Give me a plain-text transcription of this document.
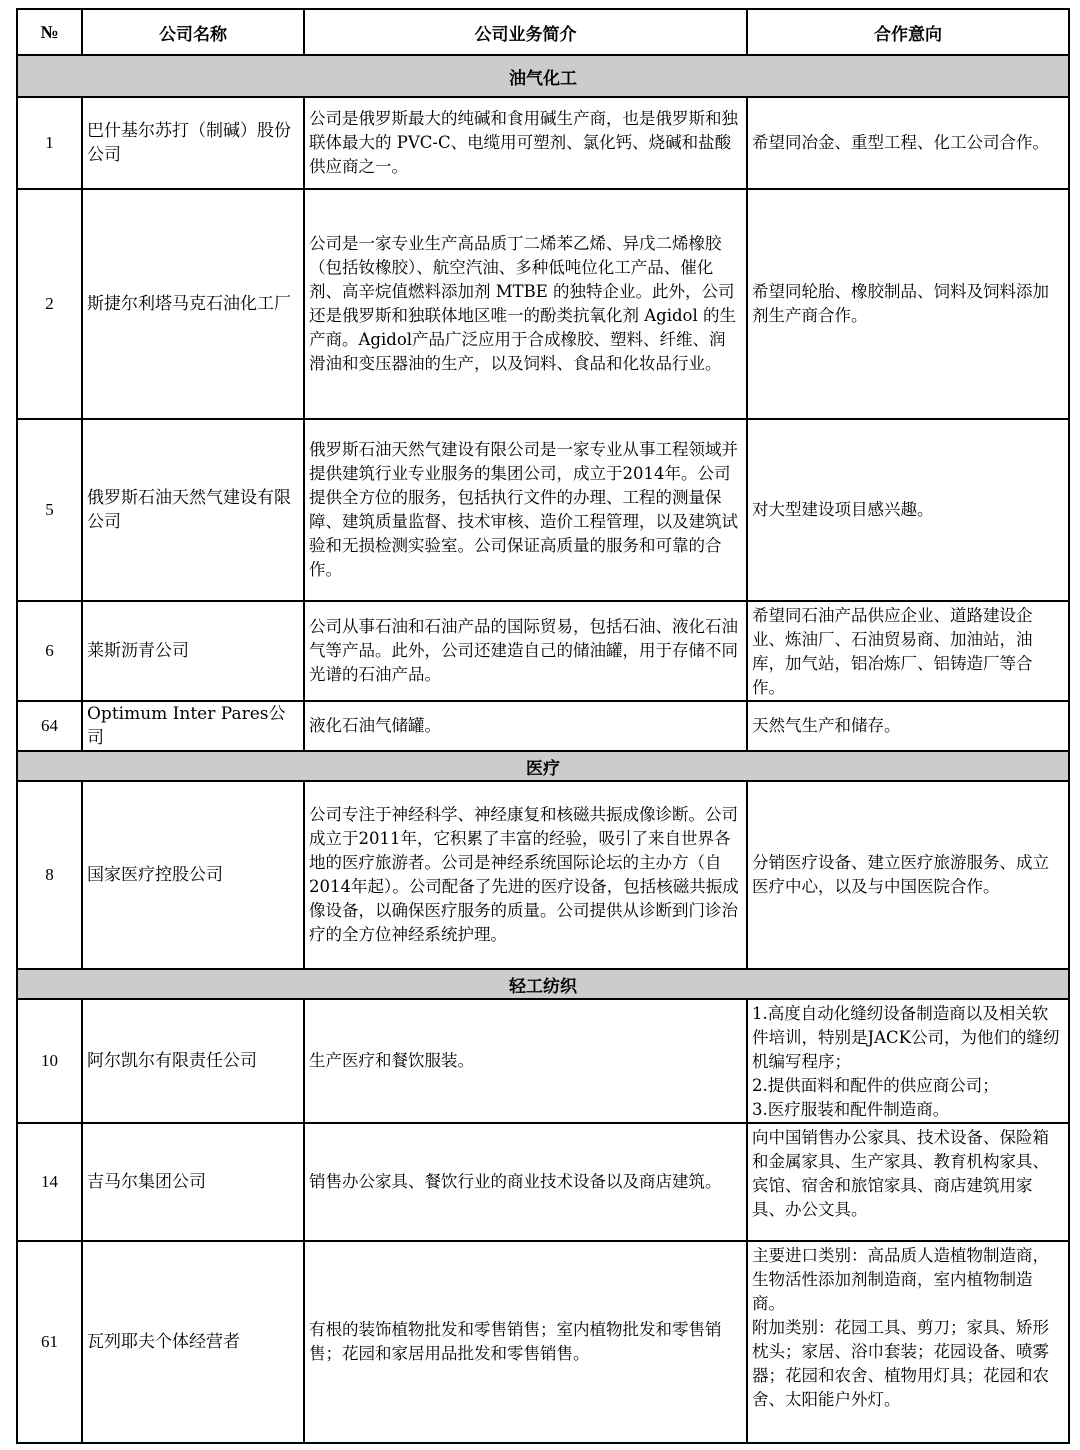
№	公司名称	公司业务简介	合作意向
油气化工			
1	巴什基尔苏打（制碱）股份公司	公司是俄罗斯最大的纯碱和食用碱生产商，也是俄罗斯和独联体最大的 PVC-C、电缆用可塑剂、氯化钙、烧碱和盐酸供应商之一。	希望同冶金、重型工程、化工公司合作。
2	斯捷尔利塔马克石油化工厂	公司是一家专业生产高品质丁二烯苯乙烯、异戊二烯橡胶（包括钕橡胶）、航空汽油、多种低吨位化工产品、催化剂、高辛烷值燃料添加剂 MTBE 的独特企业。此外，公司还是俄罗斯和独联体地区唯一的酚类抗氧化剂 Agidol 的生产商。Agidol产品广泛应用于合成橡胶、塑料、纤维、润滑油和变压器油的生产，以及饲料、食品和化妆品行业。	希望同轮胎、橡胶制品、饲料及饲料添加剂生产商合作。
5	俄罗斯石油天然气建设有限公司	俄罗斯石油天然气建设有限公司是一家专业从事工程领域并提供建筑行业专业服务的集团公司，成立于2014年。公司提供全方位的服务，包括执行文件的办理、工程的测量保障、建筑质量监督、技术审核、造价工程管理，以及建筑试验和无损检测实验室。公司保证高质量的服务和可靠的合作。	对大型建设项目感兴趣。
6	莱斯沥青公司	公司从事石油和石油产品的国际贸易，包括石油、液化石油气等产品。此外，公司还建造自己的储油罐，用于存储不同光谱的石油产品。	希望同石油产品供应企业、道路建设企业、炼油厂、石油贸易商、加油站，油库，加气站，铝冶炼厂、铝铸造厂等合作。
64	Optimum Inter Pares公司	液化石油气储罐。	天然气生产和储存。
医疗			
8	国家医疗控股公司	公司专注于神经科学、神经康复和核磁共振成像诊断。公司成立于2011年，它积累了丰富的经验，吸引了来自世界各地的医疗旅游者。公司是神经系统国际论坛的主办方（自2014年起）。公司配备了先进的医疗设备，包括核磁共振成像设备，以确保医疗服务的质量。公司提供从诊断到门诊治疗的全方位神经系统护理。	分销医疗设备、建立医疗旅游服务、成立医疗中心，以及与中国医院合作。
轻工纺织			
10	阿尔凯尔有限责任公司	生产医疗和餐饮服装。	1.高度自动化缝纫设备制造商以及相关软件培训，特别是JACK公司，为他们的缝纫机编写程序；
2.提供面料和配件的供应商公司；
3.医疗服装和配件制造商。
14	吉马尔集团公司	销售办公家具、餐饮行业的商业技术设备以及商店建筑。	向中国销售办公家具、技术设备、保险箱和金属家具、生产家具、教育机构家具、宾馆、宿舍和旅馆家具、商店建筑用家具、办公文具。
61	瓦列耶夫个体经营者	有根的装饰植物批发和零售销售；室内植物批发和零售销售；花园和家居用品批发和零售销售。	主要进口类别：高品质人造植物制造商，生物活性添加剂制造商，室内植物制造商。
附加类别：花园工具、剪刀；家具、矫形枕头；家居、浴巾套装；花园设备、喷雾器；花园和农舍、植物用灯具；花园和农舍、太阳能户外灯。
